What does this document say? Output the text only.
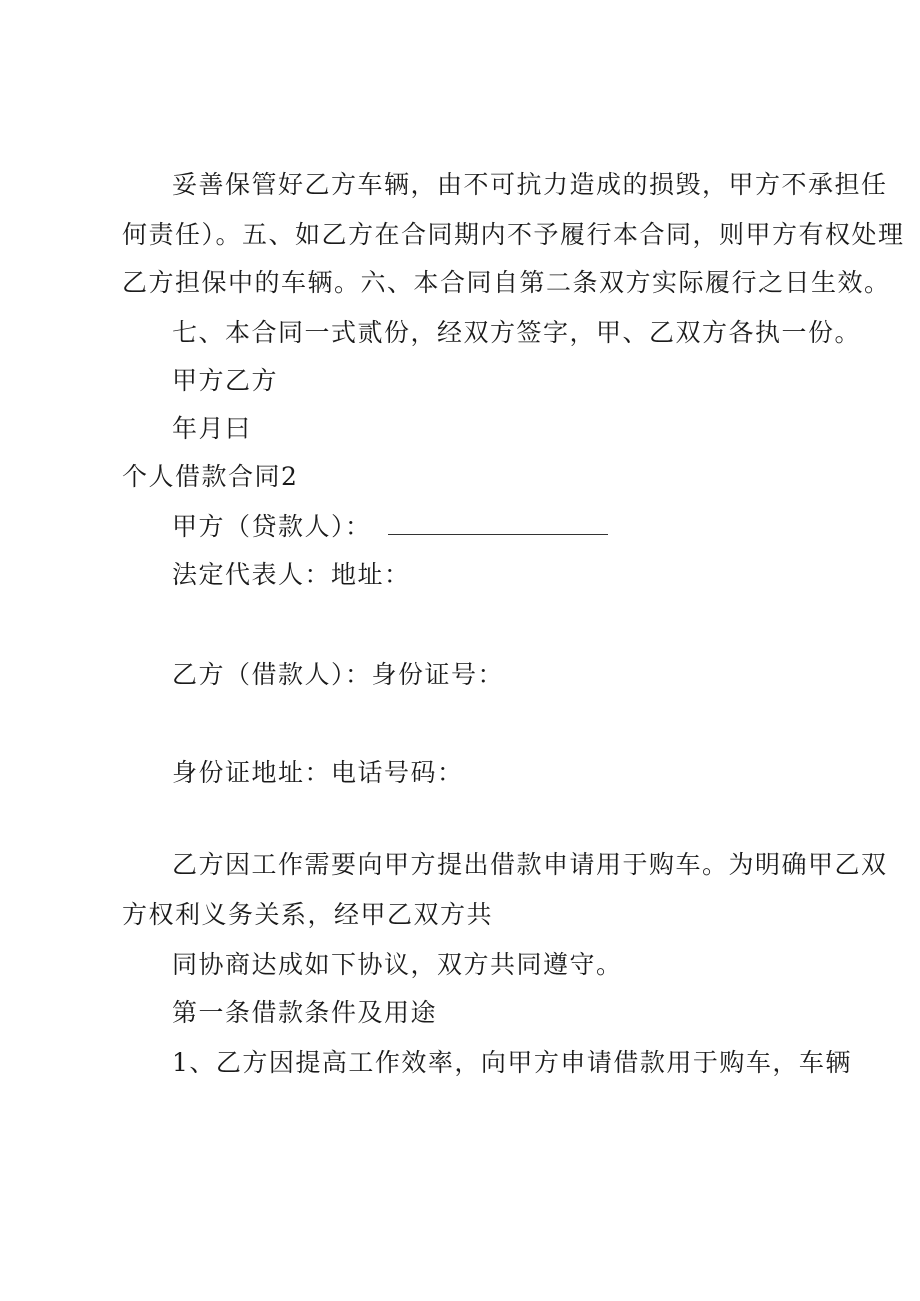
妥善保管好乙方车辆，由不可抗力造成的损毁，甲方不承担任
何责任）。五、如乙方在合同期内不予履行本合同，则甲方有权处理
乙方担保中的车辆。六、本合同自第二条双方实际履行之日生效。
七、本合同一式贰份，经双方签字，甲、乙双方各执一份。
甲方乙方
年月曰
个人借款合同2
甲方（贷款人）：
法定代表人：地址：
乙方（借款人）：身份证号：
身份证地址：电话号码：
乙方因工作需要向甲方提出借款申请用于购车。为明确甲乙双
方权利义务关系，经甲乙双方共
同协商达成如下协议，双方共同遵守。
第一条借款条件及用途
1、乙方因提高工作效率，向甲方申请借款用于购车，车辆
